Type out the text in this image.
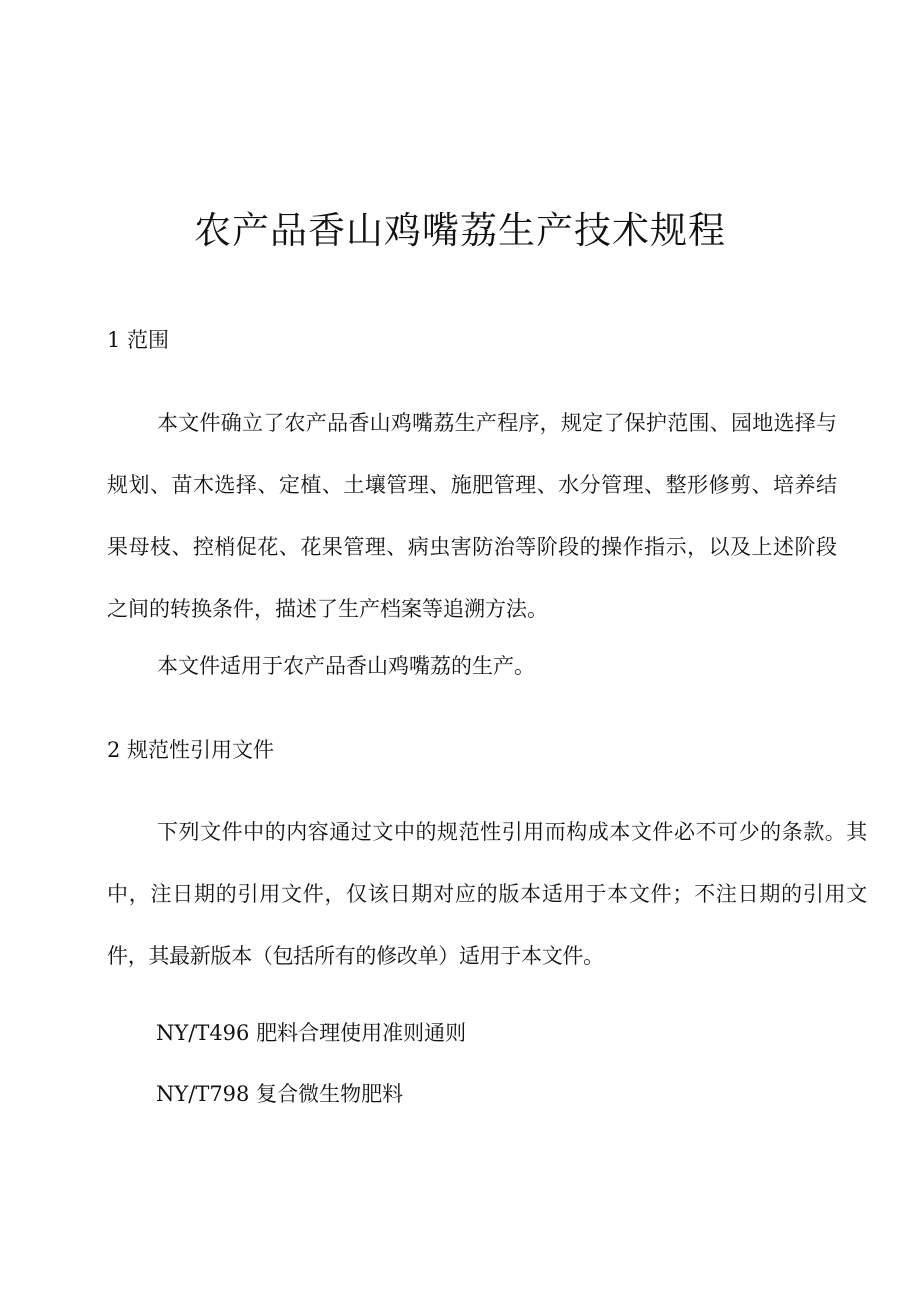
农产品香山鸡嘴荔生产技术规程
1 范围

本文件确立了农产品香山鸡嘴荔生产程序，规定了保护范围、园地选择与规划、苗木选择、定植、土壤管理、施肥管理、水分管理、整形修剪、培养结果母枝、控梢促花、花果管理、病虫害防治等阶段的操作指示，以及上述阶段之间的转换条件，描述了生产档案等追溯方法。

本文件适用于农产品香山鸡嘴荔的生产。

2 规范性引用文件

下列文件中的内容通过文中的规范性引用而构成本文件必不可少的条款。其中，注日期的引用文件，仅该日期对应的版本适用于本文件；不注日期的引用文件，其最新版本（包括所有的修改单）适用于本文件。

NY/T496 肥料合理使用准则通则
NY/T798 复合微生物肥料
